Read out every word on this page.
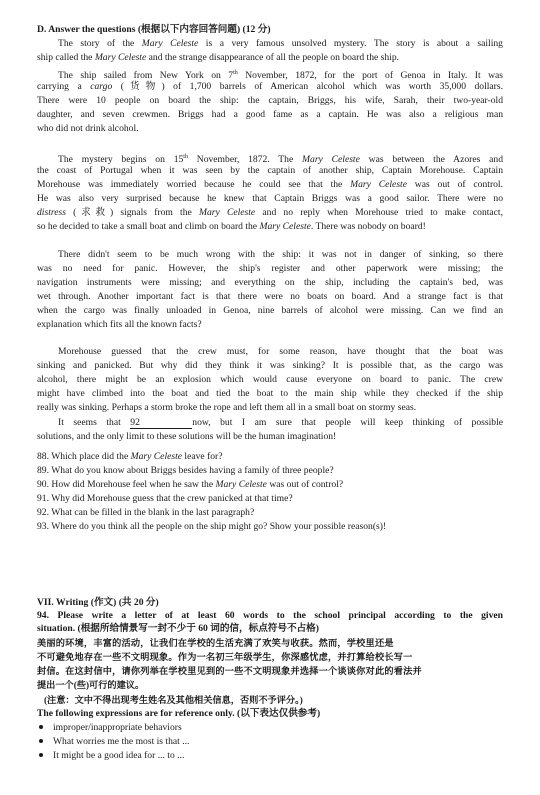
D. Answer the questions (根据以下内容回答问题) (12 分)
The story of the Mary Celeste is a very famous unsolved mystery. The story is about a sailing
ship called the Mary Celeste and the strange disappearance of all the people on board the ship.
The ship sailed from New York on 7th November, 1872, for the port of Genoa in Italy. It was
carrying a cargo (货物) of 1,700 barrels of American alcohol which was worth 35,000 dollars.
There were 10 people on board the ship: the captain, Briggs, his wife, Sarah, their two-year-old
daughter, and seven crewmen. Briggs had a good fame as a captain. He was also a religious man
who did not drink alcohol.
The mystery begins on 15th November, 1872. The Mary Celeste was between the Azores and
the coast of Portugal when it was seen by the captain of another ship, Captain Morehouse. Captain
Morehouse was immediately worried because he could see that the Mary Celeste was out of control.
He was also very surprised because he knew that Captain Briggs was a good sailor. There were no
distress (求救) signals from the Mary Celeste and no reply when Morehouse tried to make contact,
so he decided to take a small boat and climb on board the Mary Celeste. There was nobody on board!
There didn't seem to be much wrong with the ship: it was not in danger of sinking, so there
was no need for panic. However, the ship's register and other paperwork were missing; the
navigation instruments were missing; and everything on the ship, including the captain's bed, was
wet through. Another important fact is that there were no boats on board. And a strange fact is that
when the cargo was finally unloaded in Genoa, nine barrels of alcohol were missing. Can we find an
explanation which fits all the known facts?
Morehouse guessed that the crew must, for some reason, have thought that the boat was
sinking and panicked. But why did they think it was sinking? It is possible that, as the cargo was
alcohol, there might be an explosion which would cause everyone on board to panic. The crew
might have climbed into the boat and tied the boat to the main ship while they checked if the ship
really was sinking. Perhaps a storm broke the rope and left them all in a small boat on stormy seas.
It seems that 92	now, but I am sure that people will keep thinking of possible
solutions, and the only limit to these solutions will be the human imagination!
88. Which place did the Mary Celeste leave for?
89. What do you know about Briggs besides having a family of three people?
90. How did Morehouse feel when he saw the Mary Celeste was out of control?
91. Why did Morehouse guess that the crew panicked at that time?
92. What can be filled in the blank in the last paragraph?
93. Where do you think all the people on the ship might go? Show your possible reason(s)!
VII. Writing (作文) (共 20 分)
94. Please write a letter of at least 60 words to the school principal according to the given
situation. (根据所给情景写一封不少于 60 词的信，标点符号不占格)
美丽的环境，丰富的活动，让我们在学校的生活充满了欢笑与收获。然而，学校里还是
不可避免地存在一些不文明现象。作为一名初三年级学生，你深感忧虑，并打算给校长写一
封信。在这封信中，请你列举在学校里见到的一些不文明现象并选择一个谈谈你对此的看法并
提出一个(些)可行的建议。
(注意：文中不得出现考生姓名及其他相关信息，否则不予评分。)
The following expressions are for reference only. (以下表达仅供参考)
improper/inappropriate behaviors
What worries me the most is that ...
It might be a good idea for ... to ...
